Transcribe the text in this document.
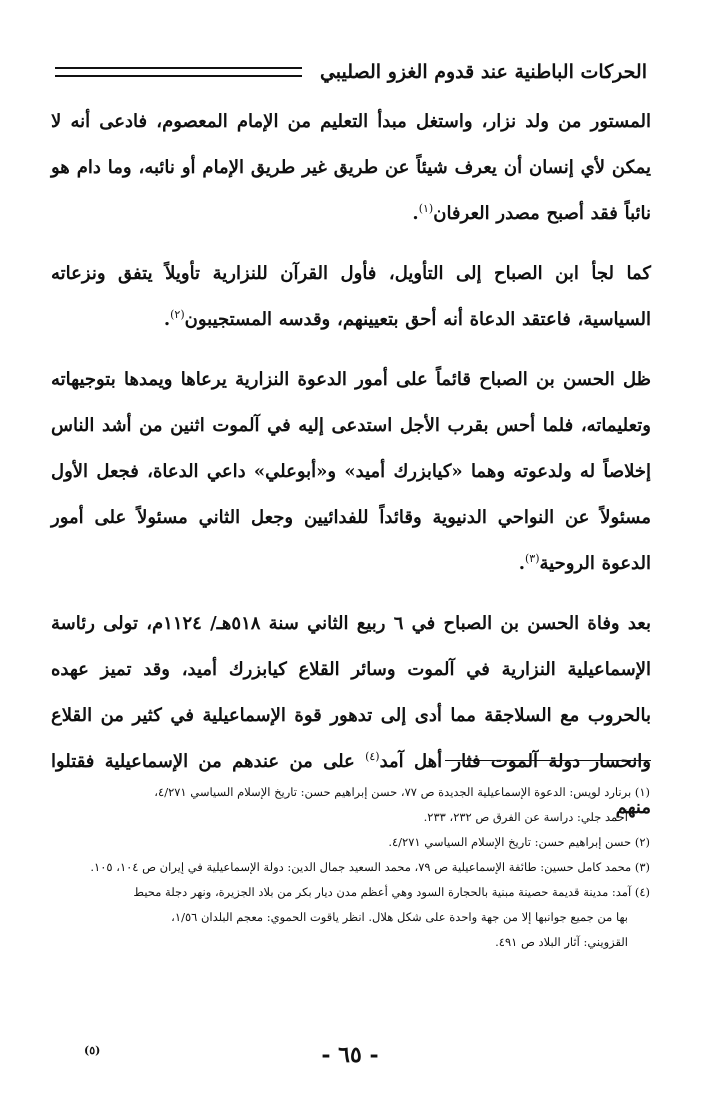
الحركات الباطنية عند قدوم الغزو الصليبي

المستور من ولد نزار، واستغل مبدأ التعليم من الإمام المعصوم، فادعى أنه لا يمكن لأي إنسان أن يعرف شيئاً عن طريق غير طريق الإمام أو نائبه، وما دام هو نائباً فقد أصبح مصدر العرفان$^{(١)}$.

كما لجأ ابن الصباح إلى التأويل، فأول القرآن للنزارية تأويلاً يتفق ونزعاته السياسية، فاعتقد الدعاة أنه أحق بتعيينهم، وقدسه المستجيبون$^{(٢)}$.

ظل الحسن بن الصباح قائماً على أمور الدعوة النزارية يرعاها ويمدها بتوجيهاته وتعليماته، فلما أحس بقرب الأجل استدعى إليه في آلموت اثنين من أشد الناس إخلاصاً له ولدعوته وهما «كيابزرك أميد» و«أبوعلي» داعي الدعاة، فجعل الأول مسئولاً عن النواحي الدنيوية وقائداً للفدائيين وجعل الثاني مسئولاً على أمور الدعوة الروحية$^{(٣)}$.

بعد وفاة الحسن بن الصباح في ٦ ربيع الثاني سنة ٥١٨هـ/ ١١٢٤م، تولى رئاسة الإسماعيلية النزارية في آلموت وسائر القلاع كيابزرك أميد، وقد تميز عهده بالحروب مع السلاجقة مما أدى إلى تدهور قوة الإسماعيلية في كثير من القلاع وانحسار دولة آلموت فثار أهل آمد$^{(٤)}$ على من عندهم من الإسماعيلية فقتلوا منهم

(١) برنارد لويس: الدعوة الإسماعيلية الجديدة ص ٧٧، حسن إبراهيم حسن: تاريخ الإسلام السياسي ٤/٢٧١،
أحمد جلي: دراسة عن الفرق ص ٢٣٢، ٢٣٣.

(٢) حسن إبراهيم حسن: تاريخ الإسلام السياسي ٤/٢٧١.

(٣) محمد كامل حسين: طائفة الإسماعيلية ص ٧٩، محمد السعيد جمال الدين: دولة الإسماعيلية في إيران ص ١٠٤، ١٠٥.

(٤) آمد: مدينة قديمة حصينة مبنية بالحجارة السود وهي أعظم مدن ديار بكر من بلاد الجزيرة، ونهر دجلة محيط
بها من جميع جوانبها إلا من جهة واحدة على شكل هلال. انظر ياقوت الحموي: معجم البلدان ١/٥٦،
القزويني: آثار البلاد ص ٤٩١.

(٥)	- ٦٥ -
